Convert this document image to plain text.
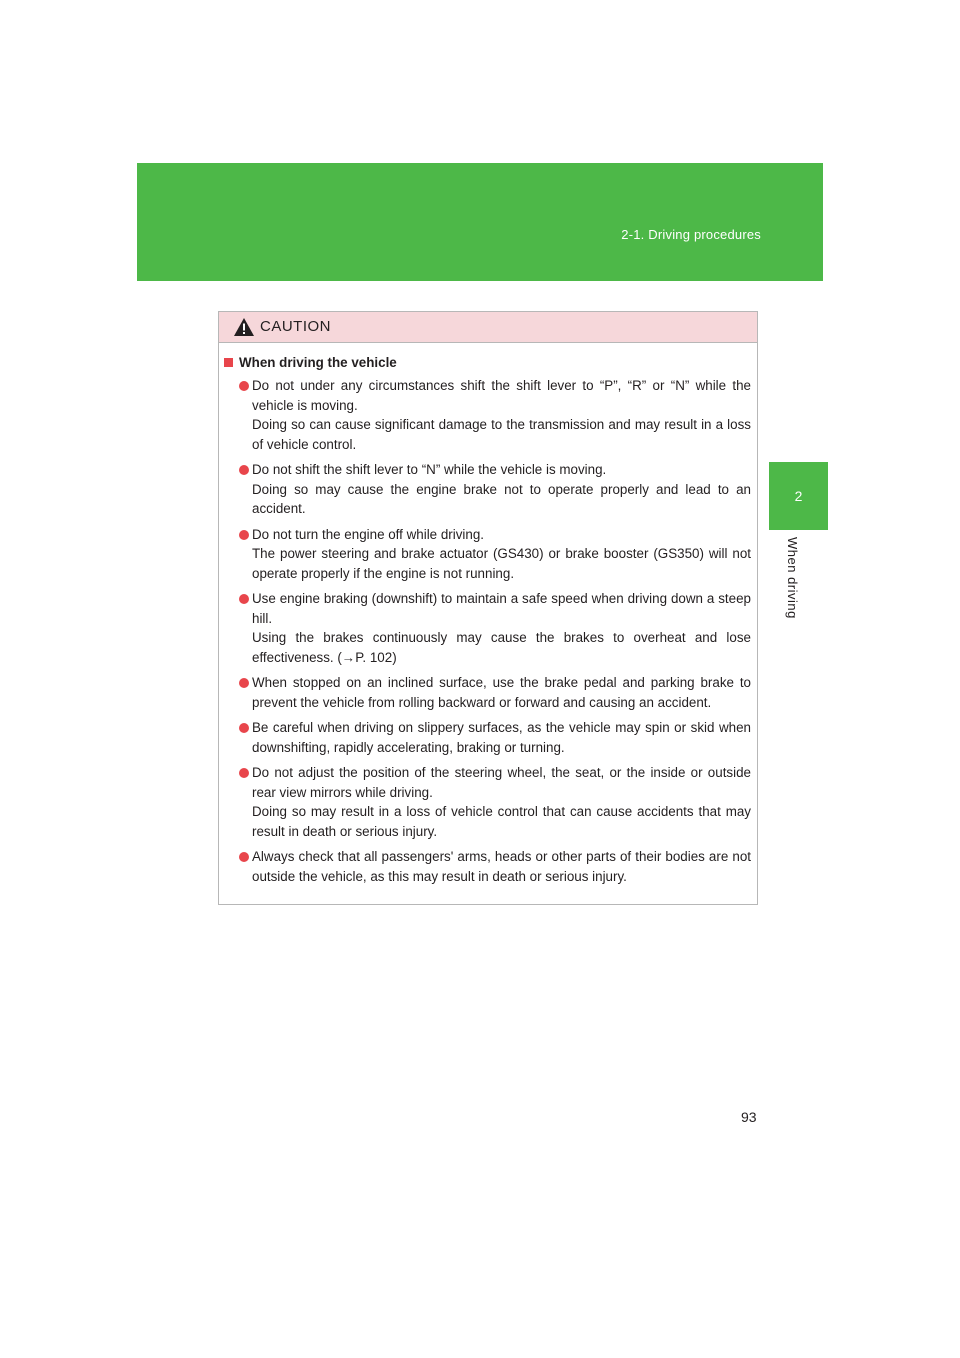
2-1. Driving procedures
2
When driving
CAUTION
When driving the vehicle

Do not under any circumstances shift the shift lever to “P”, “R” or “N” while the vehicle is moving.

Doing so can cause significant damage to the transmission and may result in a loss of vehicle control.

Do not shift the shift lever to “N” while the vehicle is moving.

Doing so may cause the engine brake not to operate properly and lead to an accident.

Do not turn the engine off while driving.

The power steering and brake actuator (GS430) or brake booster (GS350) will not operate properly if the engine is not running.

Use engine braking (downshift) to maintain a safe speed when driving down a steep hill.

Using the brakes continuously may cause the brakes to overheat and lose effectiveness. (→P. 102)

When stopped on an inclined surface, use the brake pedal and parking brake to prevent the vehicle from rolling backward or forward and causing an accident.

Be careful when driving on slippery surfaces, as the vehicle may spin or skid when downshifting, rapidly accelerating, braking or turning.

Do not adjust the position of the steering wheel, the seat, or the inside or outside rear view mirrors while driving.

Doing so may result in a loss of vehicle control that can cause accidents that may result in death or serious injury.

Always check that all passengers' arms, heads or other parts of their bodies are not outside the vehicle, as this may result in death or serious injury.

93
